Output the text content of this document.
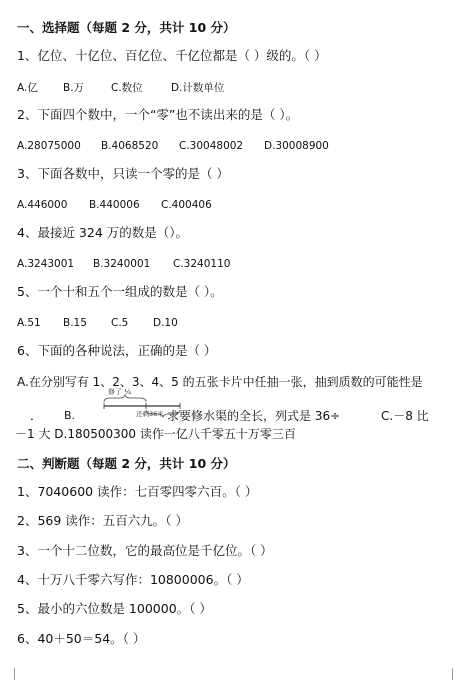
一、选择题（每题 2 分，共计 10 分）
1、亿位、十亿位、百亿位、千亿位都是（ ）级的。（ ）
A.亿 B.万	C.数位	D.计数单位
2、下面四个数中，一个“零”也不读出来的是（ ）。
A.28075000 B.4068520 C.30048002 D.30008900
3、下面各数中，只读一个零的是（ ）
A.446000 B.440006 C.400406
4、最接近 324 万的数是（）。
A.3243001 B.3240001 C.3240110
5、一个十和五个一组成的数是（ ）。
A.51 B.15 C.5 D.10
6、下面的各种说法，正确的是（ ）
A.在分别写有 1、2、3、4、5 的五张卡片中任抽一张，抽到质数的可能性是
． B.
修了 ¼
还剩36米 求要修水渠的全长，列式是 36÷	C.－8 比
－1 大 D.180500300 读作一亿八千零五十万零三百
二、判断题（每题 2 分，共计 10 分）
1、7040600 读作：七百零四零六百。（ ）
2、569 读作：五百六九。（ ）
3、一个十二位数，它的最高位是千亿位。（ ）
4、十万八千零六写作：10800006。（ ）
5、最小的六位数是 100000。（ ）
6、40＋50＝54。（ ）
